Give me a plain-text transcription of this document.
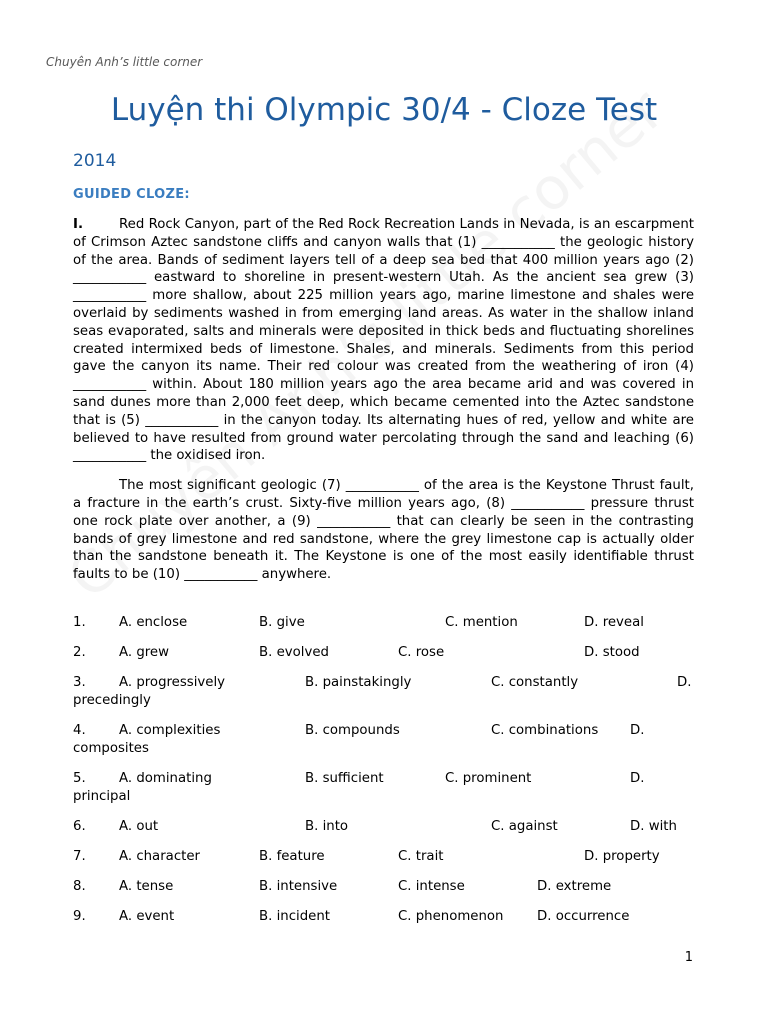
Chuyên Anh’s little corner
Luyện thi Olympic 30/4 - Cloze Test
2014
GUIDED CLOZE:

I.	Red Rock Canyon, part of the Red Rock Recreation Lands in Nevada, is an escarpment of Crimson Aztec sandstone cliffs and canyon walls that (1) ___________ the geologic history of the area. Bands of sediment layers tell of a deep sea bed that 400 million years ago (2) ___________ eastward to shoreline in present-western Utah. As the ancient sea grew (3) ___________ more shallow, about 225 million years ago, marine limestone and shales were overlaid by sediments washed in from emerging land areas. As water in the shallow inland seas evaporated, salts and minerals were deposited in thick beds and fluctuating shorelines created intermixed beds of limestone. Shales, and minerals. Sediments from this period gave the canyon its name. Their red colour was created from the weathering of iron (4) ___________ within. About 180 million years ago the area became arid and was covered in sand dunes more than 2,000 feet deep, which became cemented into the Aztec sandstone that is (5) ___________ in the canyon today. Its alternating hues of red, yellow and white are believed to have resulted from ground water percolating through the sand and leaching (6) ___________ the oxidised iron.

The most significant geologic (7) ___________ of the area is the Keystone Thrust fault, a fracture in the earth’s crust. Sixty-five million years ago, (8) ___________ pressure thrust one rock plate over another, a (9) ___________ that can clearly be seen in the contrasting bands of grey limestone and red sandstone, where the grey limestone cap is actually older than the sandstone beneath it. The Keystone is one of the most easily identifiable thrust faults to be (10) ___________ anywhere.

1.	A. enclose	B. give	C. mention	D. reveal
2.	A. grew	B. evolved	C. rose	D. stood
3.	A. progressively	B. painstakingly	C. constantly	D.
precedingly
4.	A. complexities	B. compounds	C. combinations D.
composites
5.	A. dominating	B. sufficient	C. prominent	D.
principal
6.	A. out	B. into	C. against	D. with
7.	A. character	B. feature	C. trait	D. property
8.	A. tense	B. intensive	C. intense	D. extreme
9.	A. event	B. incident	C. phenomenon	D. occurrence
1
